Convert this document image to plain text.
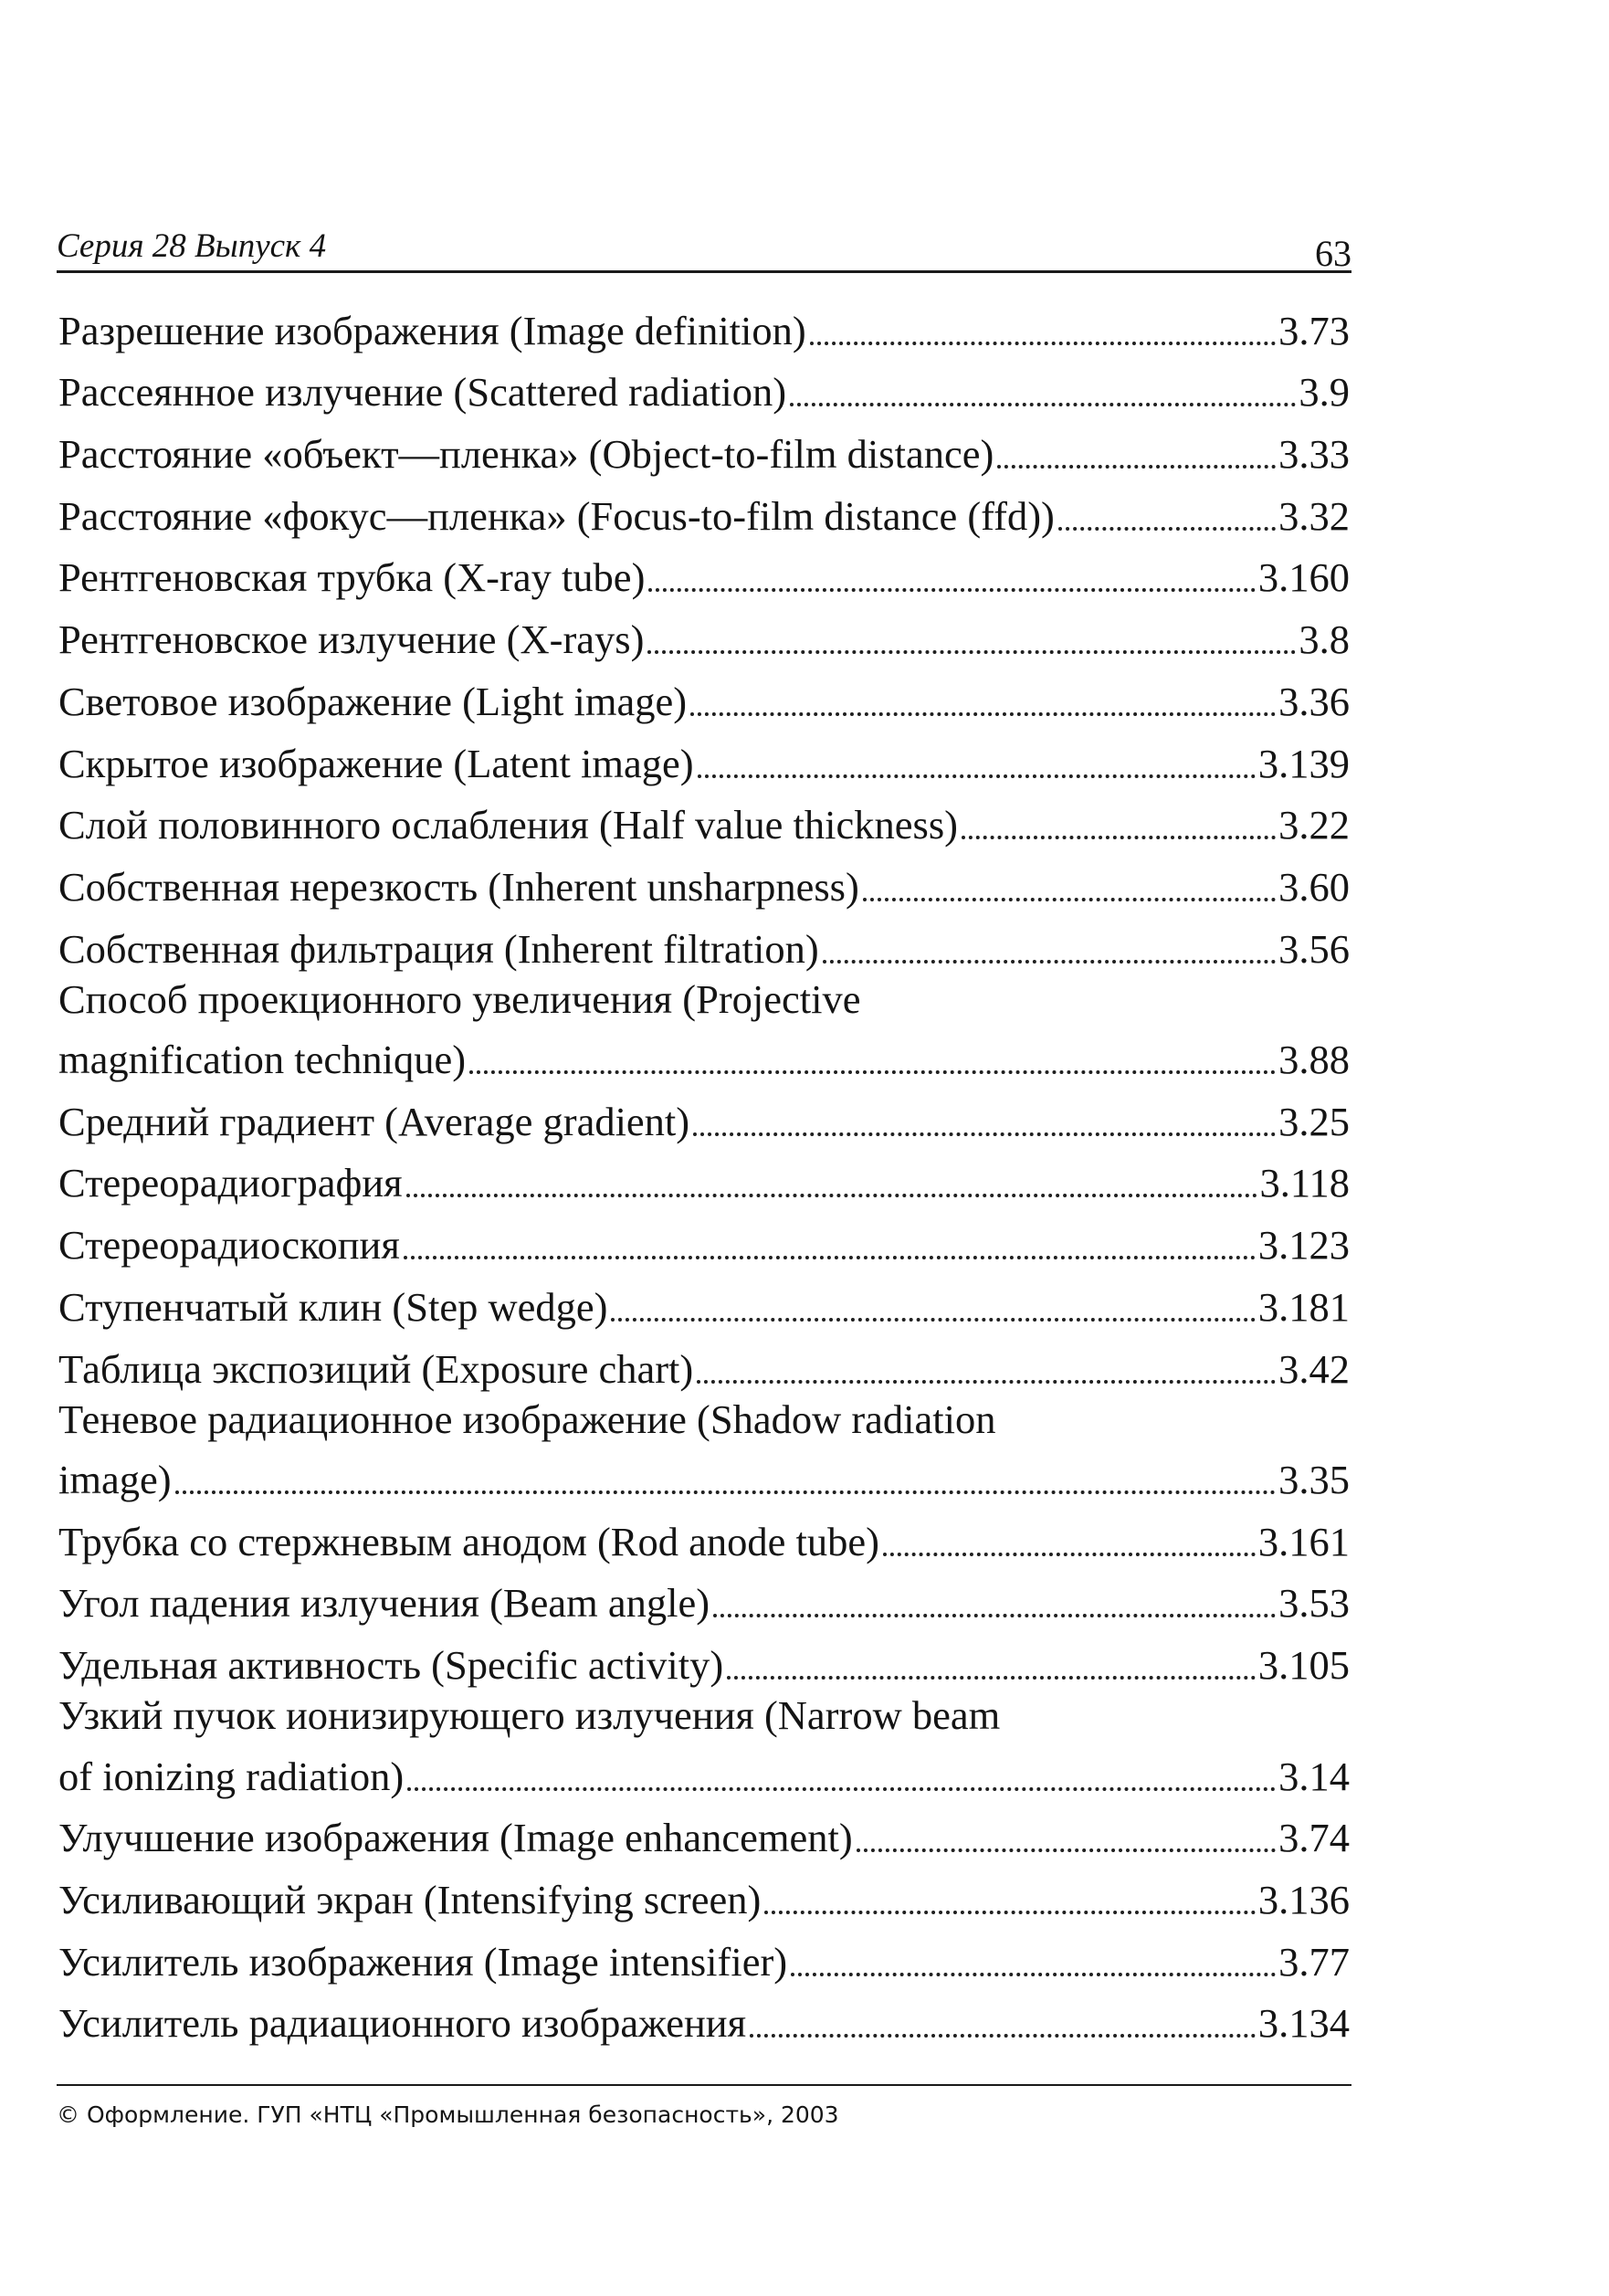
Серия 28 Выпуск 4	63
Разрешение изображения (Image definition)	3.73
Рассеянное излучение (Scattered radiation)	3.9
Расстояние «объект—пленка» (Object-to-film distance)	3.33
Расстояние «фокус—пленка» (Focus-to-film distance (ffd))	3.32
Рентгеновская трубка (X-ray tube)	3.160
Рентгеновское излучение (X-rays)	3.8
Световое изображение (Light image)	3.36
Скрытое изображение (Latent image)	3.139
Слой половинного ослабления (Half value thickness)	3.22
Собственная нерезкость (Inherent unsharpness)	3.60
Собственная фильтрация (Inherent filtration)	3.56
Способ проекционного увеличения (Projective
magnification technique)	3.88
Средний градиент (Average gradient)	3.25
Стереорадиография	3.118
Стереорадиоскопия	3.123
Ступенчатый клин (Step wedge)	3.181
Таблица экспозиций (Exposure chart)	3.42
Теневое радиационное изображение (Shadow radiation
image)	3.35
Трубка со стержневым анодом (Rod anode tube)	3.161
Угол падения излучения (Beam angle)	3.53
Удельная активность (Specific activity)	3.105
Узкий пучок ионизирующего излучения (Narrow beam
of ionizing radiation)	3.14
Улучшение изображения (Image enhancement)	3.74
Усиливающий экран (Intensifying screen)	3.136
Усилитель изображения (Image intensifier)	3.77
Усилитель радиационного изображения	3.134
© Оформление. ГУП «НТЦ «Промышленная безопасность», 2003
